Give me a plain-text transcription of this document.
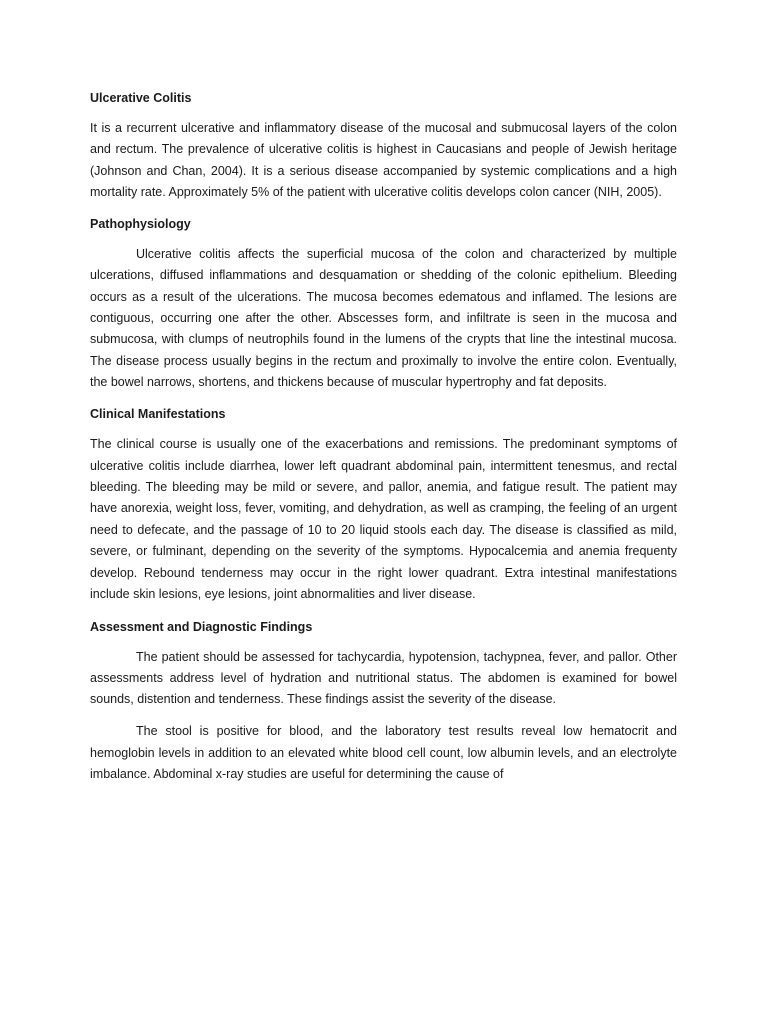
Ulcerative Colitis

It is a recurrent ulcerative and inflammatory disease of the mucosal and submucosal layers of the colon and rectum. The prevalence of ulcerative colitis is highest in Caucasians and people of Jewish heritage (Johnson and Chan, 2004). It is a serious disease accompanied by systemic complications and a high mortality rate. Approximately 5% of the patient with ulcerative colitis develops colon cancer (NIH, 2005).

Pathophysiology

Ulcerative colitis affects the superficial mucosa of the colon and characterized by multiple ulcerations, diffused inflammations and desquamation or shedding of the colonic epithelium. Bleeding occurs as a result of the ulcerations. The mucosa becomes edematous and inflamed. The lesions are contiguous, occurring one after the other. Abscesses form, and infiltrate is seen in the mucosa and submucosa, with clumps of neutrophils found in the lumens of the crypts that line the intestinal mucosa. The disease process usually begins in the rectum and proximally to involve the entire colon. Eventually, the bowel narrows, shortens, and thickens because of muscular hypertrophy and fat deposits.

Clinical Manifestations

The clinical course is usually one of the exacerbations and remissions. The predominant symptoms of ulcerative colitis include diarrhea, lower left quadrant abdominal pain, intermittent tenesmus, and rectal bleeding. The bleeding may be mild or severe, and pallor, anemia, and fatigue result. The patient may have anorexia, weight loss, fever, vomiting, and dehydration, as well as cramping, the feeling of an urgent need to defecate, and the passage of 10 to 20 liquid stools each day. The disease is classified as mild, severe, or fulminant, depending on the severity of the symptoms. Hypocalcemia and anemia frequenty develop. Rebound tenderness may occur in the right lower quadrant. Extra intestinal manifestations include skin lesions, eye lesions, joint abnormalities and liver disease.

Assessment and Diagnostic Findings

The patient should be assessed for tachycardia, hypotension, tachypnea, fever, and pallor. Other assessments address level of hydration and nutritional status. The abdomen is examined for bowel sounds, distention and tenderness. These findings assist the severity of the disease.

The stool is positive for blood, and the laboratory test results reveal low hematocrit and hemoglobin levels in addition to an elevated white blood cell count, low albumin levels, and an electrolyte imbalance. Abdominal x-ray studies are useful for determining the cause of
